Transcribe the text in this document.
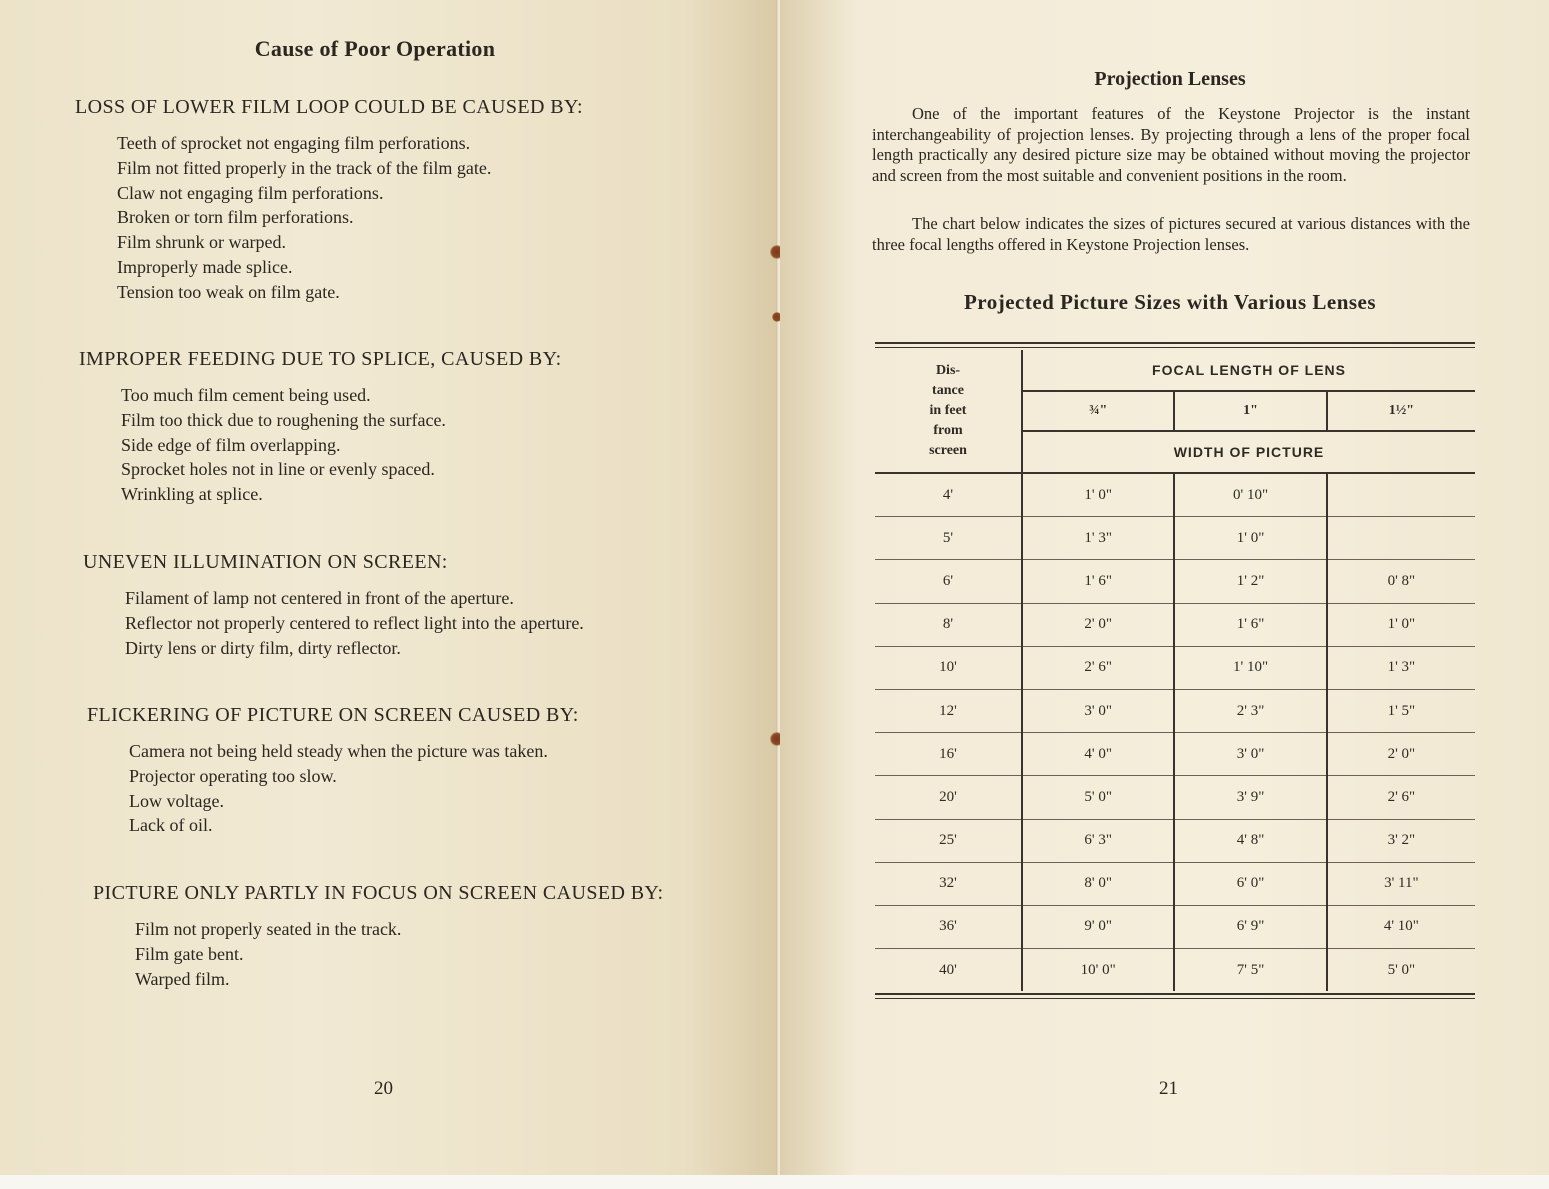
Cause of Poor Operation
LOSS OF LOWER FILM LOOP COULD BE CAUSED BY:
Teeth of sprocket not engaging film perforations.
Film not fitted properly in the track of the film gate.
Claw not engaging film perforations.
Broken or torn film perforations.
Film shrunk or warped.
Improperly made splice.
Tension too weak on film gate.
IMPROPER FEEDING DUE TO SPLICE, CAUSED BY:
Too much film cement being used.
Film too thick due to roughening the surface.
Side edge of film overlapping.
Sprocket holes not in line or evenly spaced.
Wrinkling at splice.
UNEVEN ILLUMINATION ON SCREEN:
Filament of lamp not centered in front of the aperture.
Reflector not properly centered to reflect light into the aperture.
Dirty lens or dirty film, dirty reflector.
FLICKERING OF PICTURE ON SCREEN CAUSED BY:
Camera not being held steady when the picture was taken.
Projector operating too slow.
Low voltage.
Lack of oil.
PICTURE ONLY PARTLY IN FOCUS ON SCREEN CAUSED BY:
Film not properly seated in the track.
Film gate bent.
Warped film.
20
Projection Lenses
One of the important features of the Keystone Projector is the instant interchangeability of projection lenses. By projecting through a lens of the proper focal length practically any desired picture size may be obtained without moving the projector and screen from the most suitable and convenient positions in the room.
The chart below indicates the sizes of pictures secured at various distances with the three focal lengths offered in Keystone Projection lenses.
Projected Picture Sizes with Various Lenses
Dis-
tance
in feet
from
screen	FOCAL LENGTH OF LENS		
	¾"	1"	1½"
	WIDTH OF PICTURE		
4'	1' 0"	0' 10"	
5'	1' 3"	1' 0"	
6'	1' 6"	1' 2"	0' 8"
8'	2' 0"	1' 6"	1' 0"
10'	2' 6"	1' 10"	1' 3"
12'	3' 0"	2' 3"	1' 5"
16'	4' 0"	3' 0"	2' 0"
20'	5' 0"	3' 9"	2' 6"
25'	6' 3"	4' 8"	3' 2"
32'	8' 0"	6' 0"	3' 11"
36'	9' 0"	6' 9"	4' 10"
40'	10' 0"	7' 5"	5' 0"
21
